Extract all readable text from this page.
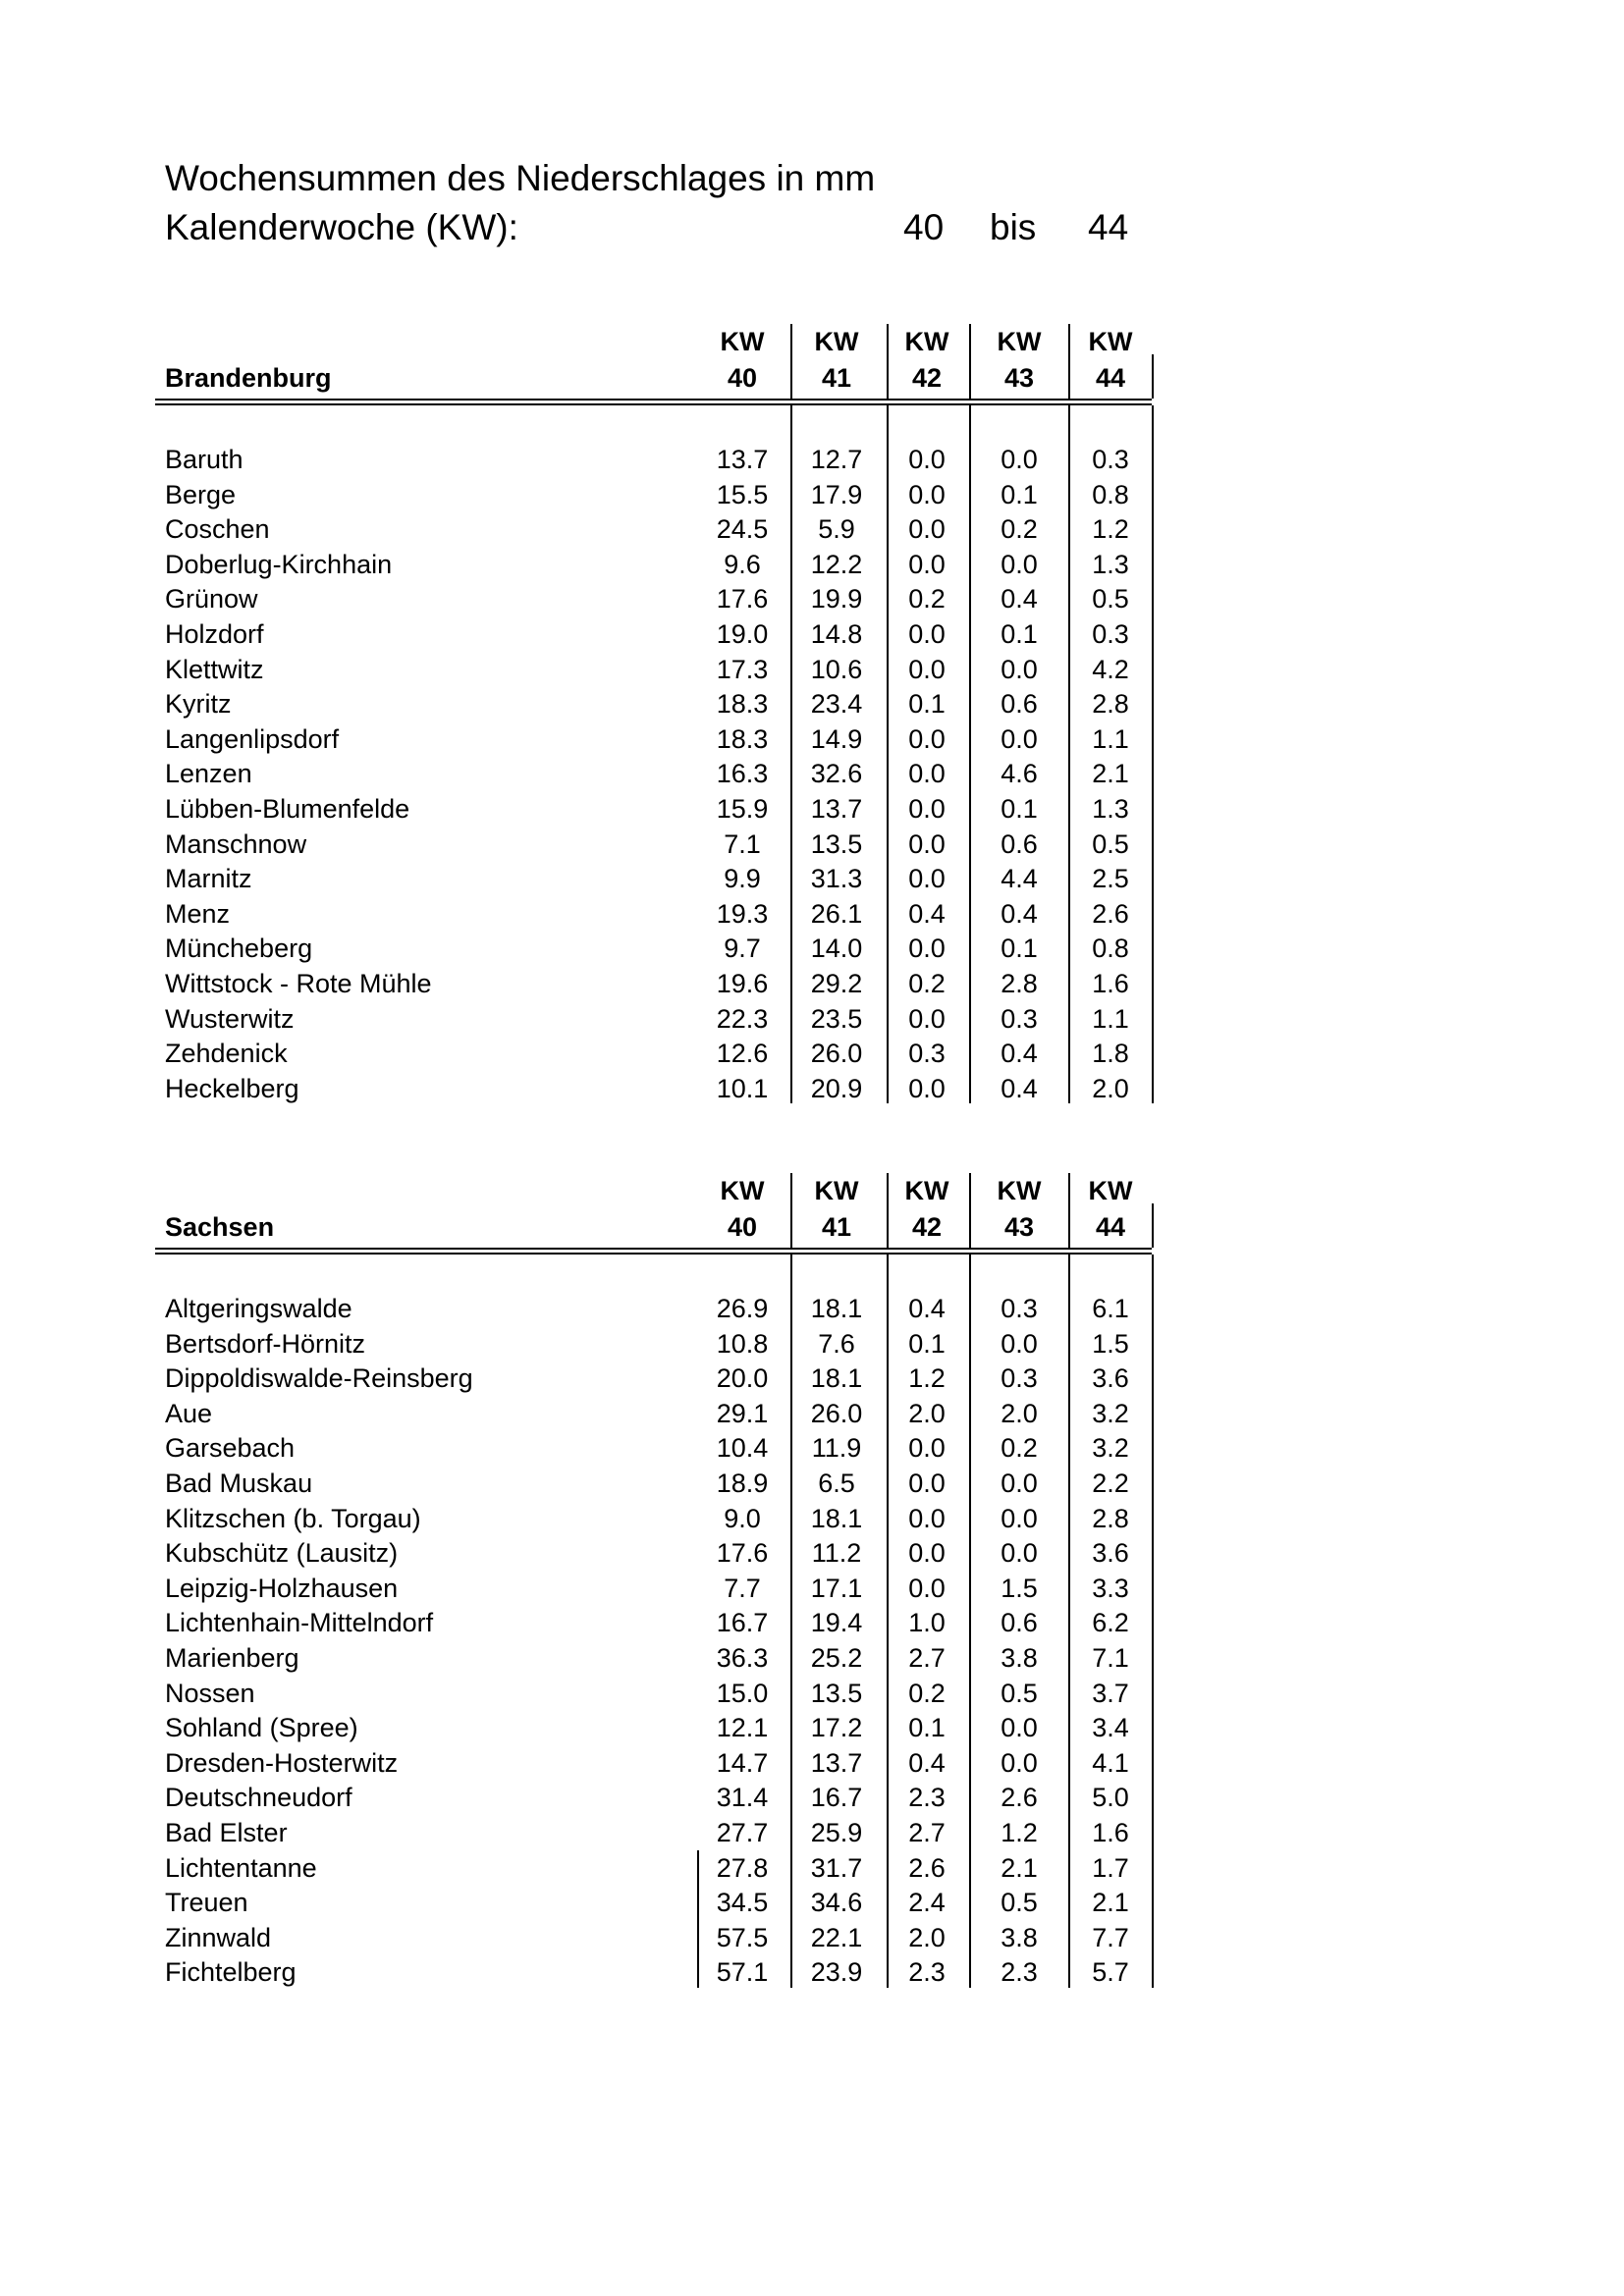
Wochensummen des Niederschlages in mm
Kalenderwoche (KW):	40 bis 44
KW	KW	KW	KW	KW
Brandenburg	40	41	42	43	44
Baruth	13.7	12.7	0.0	0.0	0.3
Berge	15.5	17.9	0.0	0.1	0.8
Coschen	24.5	5.9	0.0	0.2	1.2
Doberlug-Kirchhain	9.6	12.2	0.0	0.0	1.3
Grünow	17.6	19.9	0.2	0.4	0.5
Holzdorf	19.0	14.8	0.0	0.1	0.3
Klettwitz	17.3	10.6	0.0	0.0	4.2
Kyritz	18.3	23.4	0.1	0.6	2.8
Langenlipsdorf	18.3	14.9	0.0	0.0	1.1
Lenzen	16.3	32.6	0.0	4.6	2.1
Lübben-Blumenfelde	15.9	13.7	0.0	0.1	1.3
Manschnow	7.1	13.5	0.0	0.6	0.5
Marnitz	9.9	31.3	0.0	4.4	2.5
Menz	19.3	26.1	0.4	0.4	2.6
Müncheberg	9.7	14.0	0.0	0.1	0.8
Wittstock - Rote Mühle	19.6	29.2	0.2	2.8	1.6
Wusterwitz	22.3	23.5	0.0	0.3	1.1
Zehdenick	12.6	26.0	0.3	0.4	1.8
Heckelberg	10.1	20.9	0.0	0.4	2.0
KW	KW	KW	KW	KW
Sachsen	40	41	42	43	44
Altgeringswalde	26.9	18.1	0.4	0.3	6.1
Bertsdorf-Hörnitz	10.8	7.6	0.1	0.0	1.5
Dippoldiswalde-Reinsberg	20.0	18.1	1.2	0.3	3.6
Aue	29.1	26.0	2.0	2.0	3.2
Garsebach	10.4	11.9	0.0	0.2	3.2
Bad Muskau	18.9	6.5	0.0	0.0	2.2
Klitzschen (b. Torgau)	9.0	18.1	0.0	0.0	2.8
Kubschütz (Lausitz)	17.6	11.2	0.0	0.0	3.6
Leipzig-Holzhausen	7.7	17.1	0.0	1.5	3.3
Lichtenhain-Mittelndorf	16.7	19.4	1.0	0.6	6.2
Marienberg	36.3	25.2	2.7	3.8	7.1
Nossen	15.0	13.5	0.2	0.5	3.7
Sohland (Spree)	12.1	17.2	0.1	0.0	3.4
Dresden-Hosterwitz	14.7	13.7	0.4	0.0	4.1
Deutschneudorf	31.4	16.7	2.3	2.6	5.0
Bad Elster	27.7	25.9	2.7	1.2	1.6
Lichtentanne	27.8	31.7	2.6	2.1	1.7
Treuen	34.5	34.6	2.4	0.5	2.1
Zinnwald	57.5	22.1	2.0	3.8	7.7
Fichtelberg	57.1	23.9	2.3	2.3	5.7
